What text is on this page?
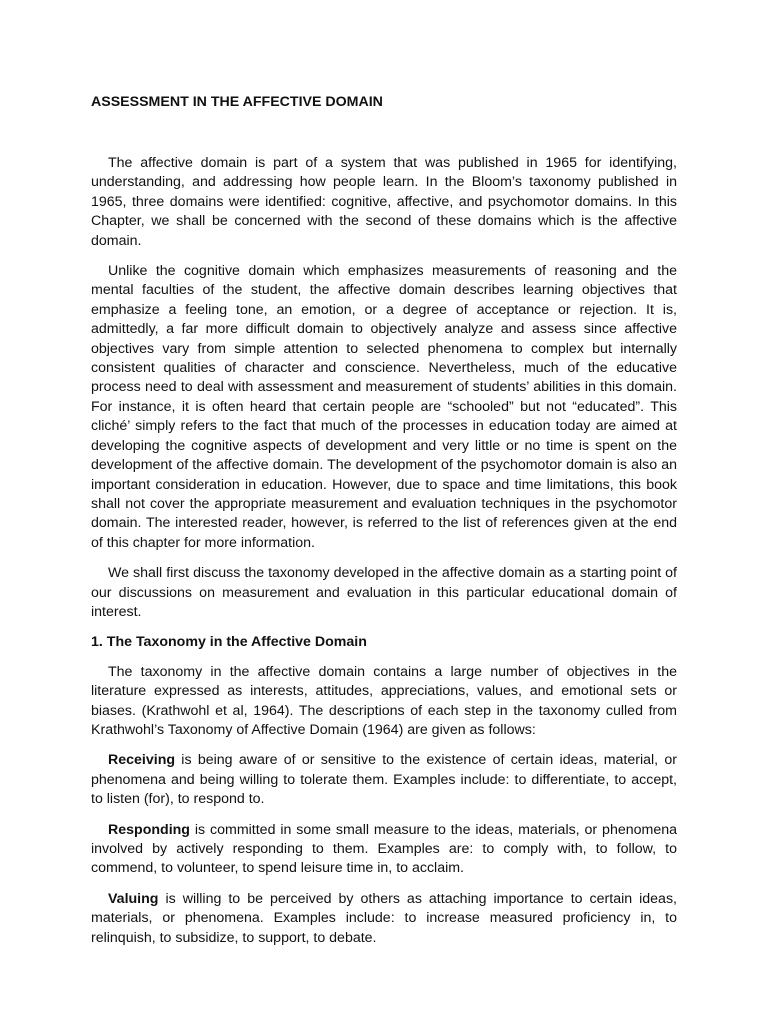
ASSESSMENT IN THE AFFECTIVE DOMAIN

The affective domain is part of a system that was published in 1965 for identifying, understanding, and addressing how people learn. In the Bloom’s taxonomy published in 1965, three domains were identified: cognitive, affective, and psychomotor domains. In this Chapter, we shall be concerned with the second of these domains which is the affective domain.

Unlike the cognitive domain which emphasizes measurements of reasoning and the mental faculties of the student, the affective domain describes learning objectives that emphasize a feeling tone, an emotion, or a degree of acceptance or rejection. It is, admittedly, a far more difficult domain to objectively analyze and assess since affective objectives vary from simple attention to selected phenomena to complex but internally consistent qualities of character and conscience. Nevertheless, much of the educative process need to deal with assessment and measurement of students’ abilities in this domain. For instance, it is often heard that certain people are “schooled” but not “educated”. This cliché’ simply refers to the fact that much of the processes in education today are aimed at developing the cognitive aspects of development and very little or no time is spent on the development of the affective domain. The development of the psychomotor domain is also an important consideration in education. However, due to space and time limitations, this book shall not cover the appropriate measurement and evaluation techniques in the psychomotor domain. The interested reader, however, is referred to the list of references given at the end of this chapter for more information.

We shall first discuss the taxonomy developed in the affective domain as a starting point of our discussions on measurement and evaluation in this particular educational domain of interest.

1. The Taxonomy in the Affective Domain

The taxonomy in the affective domain contains a large number of objectives in the literature expressed as interests, attitudes, appreciations, values, and emotional sets or biases. (Krathwohl et al, 1964). The descriptions of each step in the taxonomy culled from Krathwohl’s Taxonomy of Affective Domain (1964) are given as follows:

Receiving is being aware of or sensitive to the existence of certain ideas, material, or phenomena and being willing to tolerate them. Examples include: to differentiate, to accept, to listen (for), to respond to.

Responding is committed in some small measure to the ideas, materials, or phenomena involved by actively responding to them. Examples are: to comply with, to follow, to commend, to volunteer, to spend leisure time in, to acclaim.

Valuing is willing to be perceived by others as attaching importance to certain ideas, materials, or phenomena. Examples include: to increase measured proficiency in, to relinquish, to subsidize, to support, to debate.
